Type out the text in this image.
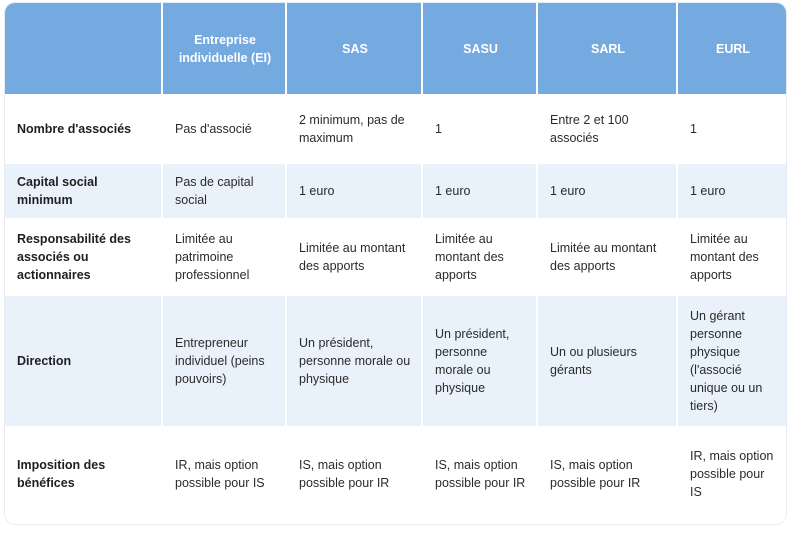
	Entreprise individuelle (EI)	SAS	SASU	SARL	EURL
Nombre d'associés	Pas d'associé	2 minimum, pas de maximum	1	Entre 2 et 100 associés	1
Capital social minimum	Pas de capital social	1 euro	1 euro	1 euro	1 euro
Responsabilité des associés ou actionnaires	Limitée au patrimoine professionnel	Limitée au montant des apports	Limitée au montant des apports	Limitée au montant des apports	Limitée au montant des apports
Direction	Entrepreneur individuel (peins pouvoirs)	Un président, personne morale ou physique	Un président, personne morale ou physique	Un ou plusieurs gérants	Un gérant personne physique (l'associé unique ou un tiers)
Imposition des bénéfices	IR, mais option possible pour IS	IS, mais option possible pour IR	IS, mais option possible pour IR	IS, mais option possible pour IR	IR, mais option possible pour IS
